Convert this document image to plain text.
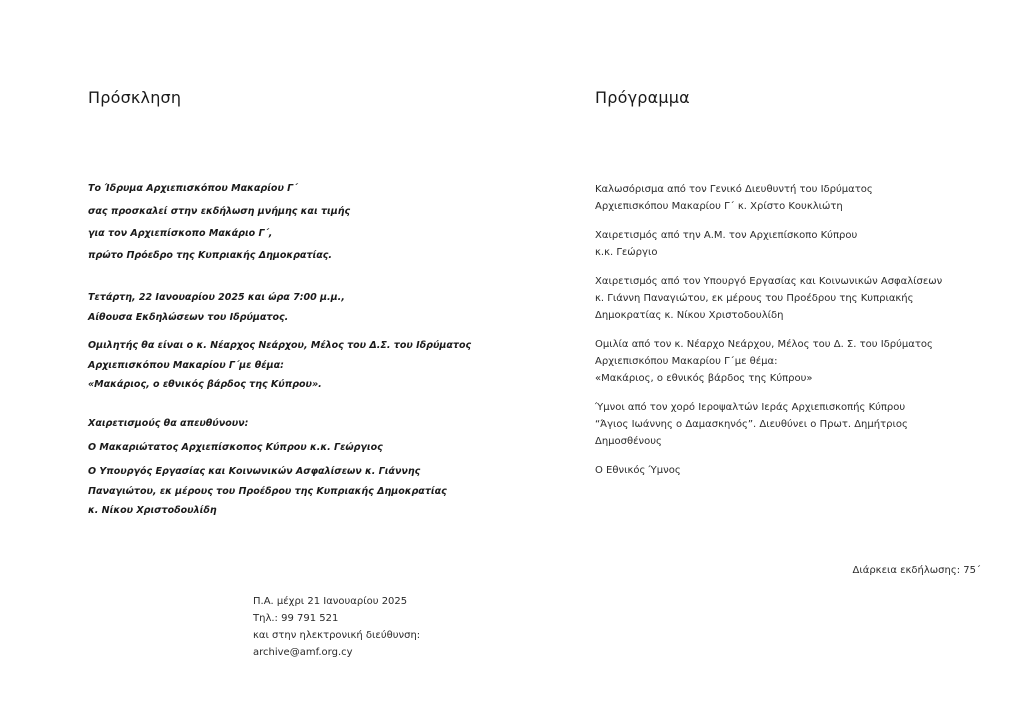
Πρόσκληση
Το Ίδρυμα Αρχιεπισκόπου Μακαρίου Γ΄
σας προσκαλεί στην εκδήλωση μνήμης και τιμής
για τον Αρχιεπίσκοπο Μακάριο Γ΄,
πρώτο Πρόεδρο της Κυπριακής Δημοκρατίας.
Τετάρτη, 22 Ιανουαρίου 2025 και ώρα 7:00 μ.μ.,
Αίθουσα Εκδηλώσεων του Ιδρύματος.
Ομιλητής θα είναι ο κ. Νέαρχος Νεάρχου, Μέλος του Δ.Σ. του Ιδρύματος
Αρχιεπισκόπου Μακαρίου Γ΄με θέμα:
«Μακάριος, ο εθνικός βάρδος της Κύπρου».
Χαιρετισμούς θα απευθύνουν:
Ο Μακαριώτατος Αρχιεπίσκοπος Κύπρου κ.κ. Γεώργιος
Ο Υπουργός Εργασίας και Κοινωνικών Ασφαλίσεων κ. Γιάννης
Παναγιώτου, εκ μέρους του Προέδρου της Κυπριακής Δημοκρατίας
κ. Νίκου Χριστοδουλίδη
Πρόγραμμα
Καλωσόρισμα από τον Γενικό Διευθυντή του Ιδρύματος
Αρχιεπισκόπου Μακαρίου Γ΄ κ. Χρίστο Κουκλιώτη
Χαιρετισμός από την Α.Μ. τον Αρχιεπίσκοπο Κύπρου
κ.κ. Γεώργιο
Χαιρετισμός από τον Υπουργό Εργασίας και Κοινωνικών Ασφαλίσεων
κ. Γιάννη Παναγιώτου, εκ μέρους του Προέδρου της Κυπριακής
Δημοκρατίας κ. Νίκου Χριστοδουλίδη
Ομιλία από τον κ. Νέαρχο Νεάρχου, Μέλος του Δ. Σ. του Ιδρύματος
Αρχιεπισκόπου Μακαρίου Γ΄με θέμα:
«Μακάριος, ο εθνικός βάρδος της Κύπρου»
Ύμνοι από τον χορό Ιεροψαλτών Ιεράς Αρχιεπισκοπής Κύπρου
“Άγιος Ιωάννης ο Δαμασκηνός”. Διευθύνει ο Πρωτ. Δημήτριος
Δημοσθένους
Ο Εθνικός Ύμνος
Διάρκεια εκδήλωσης: 75΄
Π.Α. μέχρι 21 Ιανουαρίου 2025
Τηλ.: 99 791 521
και στην ηλεκτρονική διεύθυνση:
archive@amf.org.cy
